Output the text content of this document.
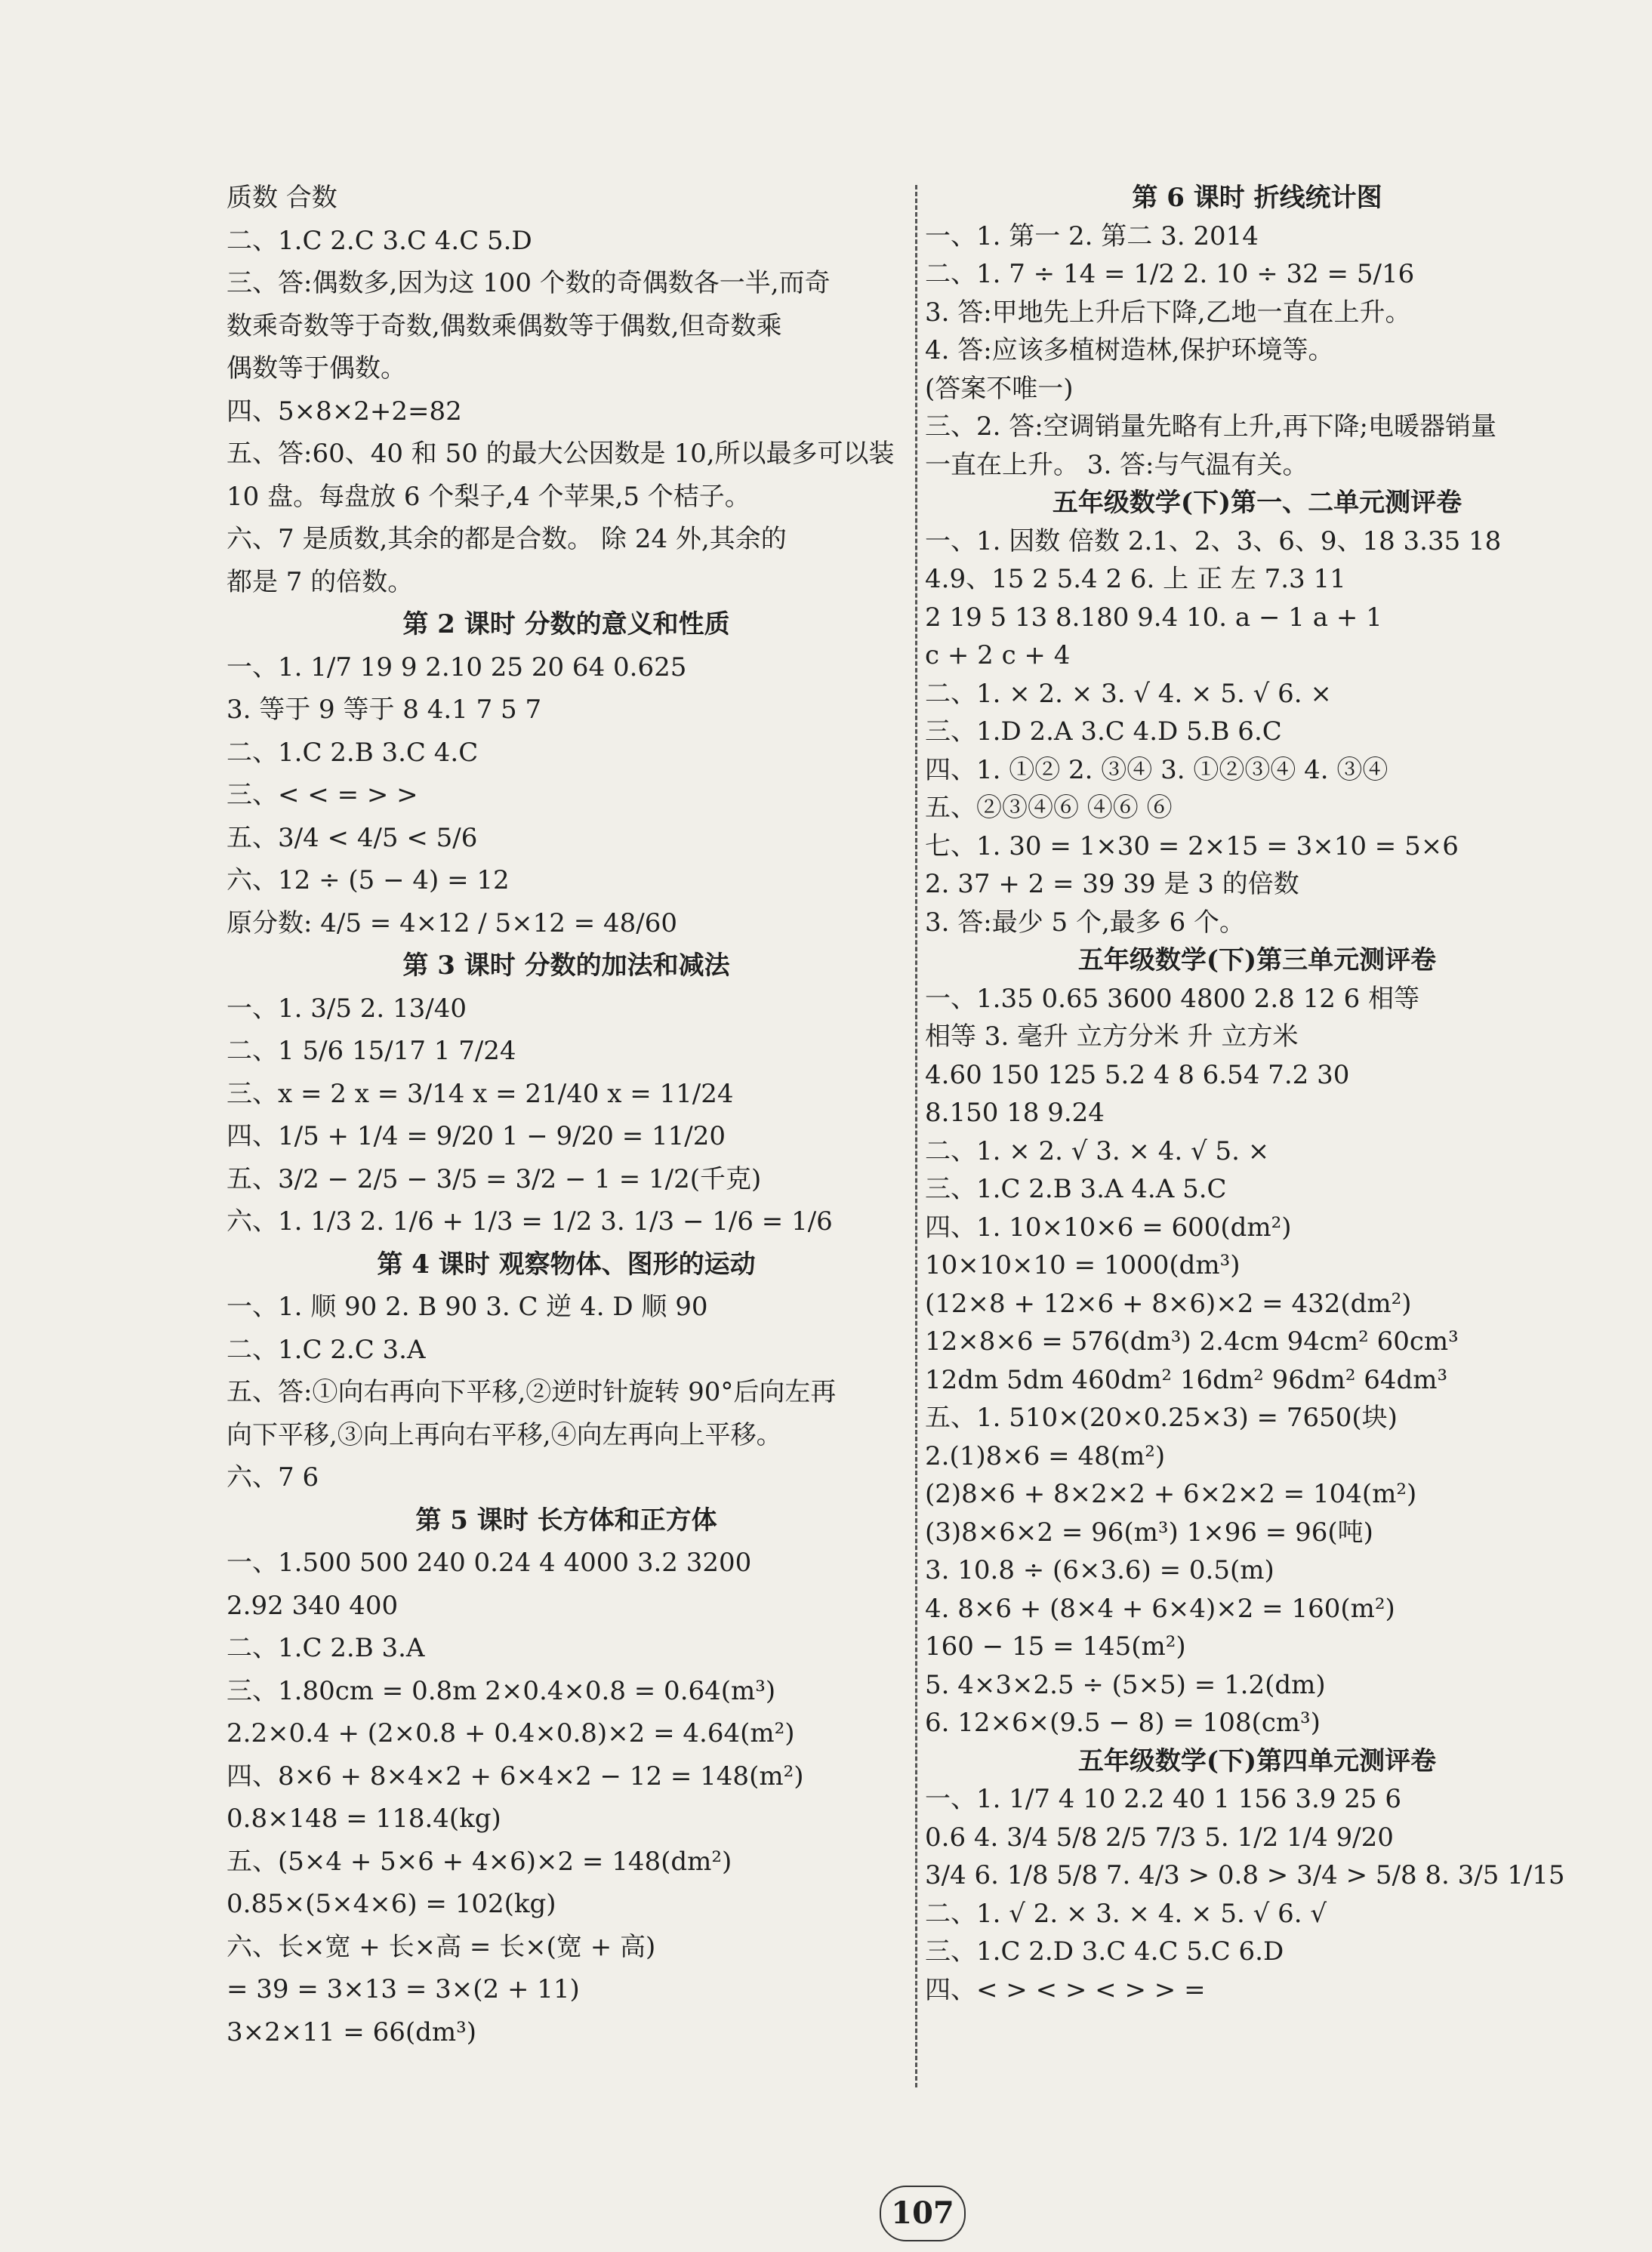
质数 合数
二、1.C 2.C 3.C 4.C 5.D
三、答:偶数多,因为这 100 个数的奇偶数各一半,而奇
数乘奇数等于奇数,偶数乘偶数等于偶数,但奇数乘
偶数等于偶数。
四、5×8×2+2=82
五、答:60、40 和 50 的最大公因数是 10,所以最多可以装
10 盘。每盘放 6 个梨子,4 个苹果,5 个桔子。
六、7 是质数,其余的都是合数。 除 24 外,其余的
都是 7 的倍数。
第 2 课时 分数的意义和性质
一、1. 1/7 19 9 2.10 25 20 64 0.625
3. 等于 9 等于 8 4.1 7 5 7
二、1.C 2.B 3.C 4.C
三、< < = > >
五、3/4 < 4/5 < 5/6
六、12 ÷ (5 − 4) = 12
原分数: 4/5 = 4×12 / 5×12 = 48/60
第 3 课时 分数的加法和减法
一、1. 3/5 2. 13/40
二、1 5/6 15/17 1 7/24
三、x = 2 x = 3/14 x = 21/40 x = 11/24
四、1/5 + 1/4 = 9/20 1 − 9/20 = 11/20
五、3/2 − 2/5 − 3/5 = 3/2 − 1 = 1/2(千克)
六、1. 1/3 2. 1/6 + 1/3 = 1/2 3. 1/3 − 1/6 = 1/6
第 4 课时 观察物体、图形的运动
一、1. 顺 90 2. B 90 3. C 逆 4. D 顺 90
二、1.C 2.C 3.A
五、答:①向右再向下平移,②逆时针旋转 90°后向左再
向下平移,③向上再向右平移,④向左再向上平移。
六、7 6
第 5 课时 长方体和正方体
一、1.500 500 240 0.24 4 4000 3.2 3200
2.92 340 400
二、1.C 2.B 3.A
三、1.80cm = 0.8m 2×0.4×0.8 = 0.64(m³)
2.2×0.4 + (2×0.8 + 0.4×0.8)×2 = 4.64(m²)
四、8×6 + 8×4×2 + 6×4×2 − 12 = 148(m²)
0.8×148 = 118.4(kg)
五、(5×4 + 5×6 + 4×6)×2 = 148(dm²)
0.85×(5×4×6) = 102(kg)
六、长×宽 + 长×高 = 长×(宽 + 高)
= 39 = 3×13 = 3×(2 + 11)
3×2×11 = 66(dm³)
第 6 课时 折线统计图
一、1. 第一 2. 第二 3. 2014
二、1. 7 ÷ 14 = 1/2 2. 10 ÷ 32 = 5/16
3. 答:甲地先上升后下降,乙地一直在上升。
4. 答:应该多植树造林,保护环境等。
(答案不唯一)
三、2. 答:空调销量先略有上升,再下降;电暖器销量
一直在上升。 3. 答:与气温有关。
五年级数学(下)第一、二单元测评卷
一、1. 因数 倍数 2.1、2、3、6、9、18 3.35 18
4.9、15 2 5.4 2 6. 上 正 左 7.3 11
2 19 5 13 8.180 9.4 10. a − 1 a + 1
c + 2 c + 4
二、1. × 2. × 3. √ 4. × 5. √ 6. ×
三、1.D 2.A 3.C 4.D 5.B 6.C
四、1. ①② 2. ③④ 3. ①②③④ 4. ③④
五、②③④⑥ ④⑥ ⑥
七、1. 30 = 1×30 = 2×15 = 3×10 = 5×6
2. 37 + 2 = 39 39 是 3 的倍数
3. 答:最少 5 个,最多 6 个。
五年级数学(下)第三单元测评卷
一、1.35 0.65 3600 4800 2.8 12 6 相等
相等 3. 毫升 立方分米 升 立方米
4.60 150 125 5.2 4 8 6.54 7.2 30
8.150 18 9.24
二、1. × 2. √ 3. × 4. √ 5. ×
三、1.C 2.B 3.A 4.A 5.C
四、1. 10×10×6 = 600(dm²)
10×10×10 = 1000(dm³)
(12×8 + 12×6 + 8×6)×2 = 432(dm²)
12×8×6 = 576(dm³) 2.4cm 94cm² 60cm³
12dm 5dm 460dm² 16dm² 96dm² 64dm³
五、1. 510×(20×0.25×3) = 7650(块)
2.(1)8×6 = 48(m²)
(2)8×6 + 8×2×2 + 6×2×2 = 104(m²)
(3)8×6×2 = 96(m³) 1×96 = 96(吨)
3. 10.8 ÷ (6×3.6) = 0.5(m)
4. 8×6 + (8×4 + 6×4)×2 = 160(m²)
160 − 15 = 145(m²)
5. 4×3×2.5 ÷ (5×5) = 1.2(dm)
6. 12×6×(9.5 − 8) = 108(cm³)
五年级数学(下)第四单元测评卷
一、1. 1/7 4 10 2.2 40 1 156 3.9 25 6
0.6 4. 3/4 5/8 2/5 7/3 5. 1/2 1/4 9/20
3/4 6. 1/8 5/8 7. 4/3 > 0.8 > 3/4 > 5/8 8. 3/5 1/15
二、1. √ 2. × 3. × 4. × 5. √ 6. √
三、1.C 2.D 3.C 4.C 5.C 6.D
四、< > < > < > > =
107
